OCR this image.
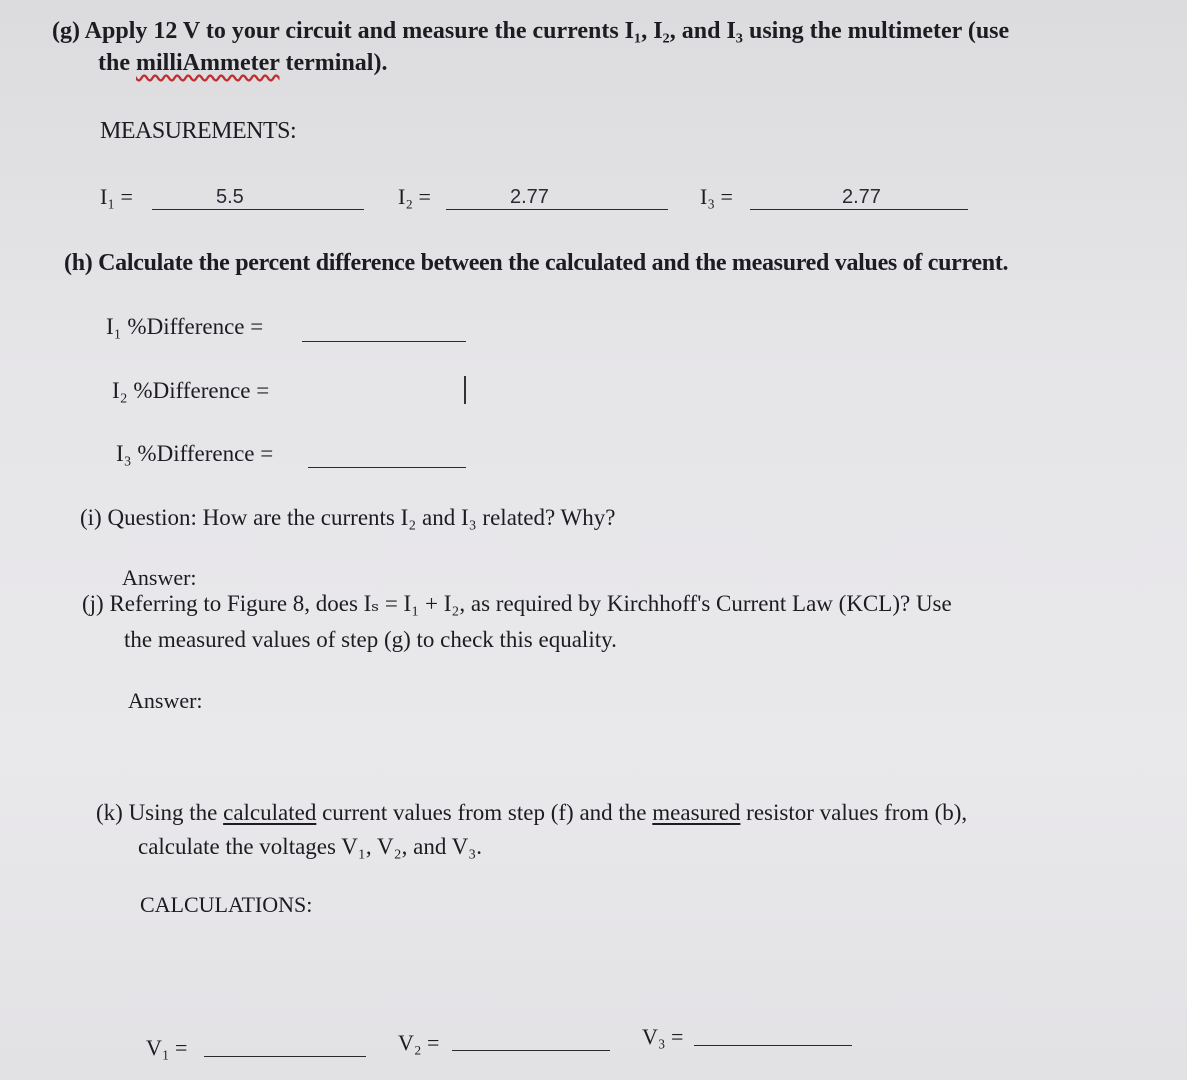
(g) Apply 12 V to your circuit and measure the currents I₁, I₂, and I₃ using the multimeter (use
the milliAmmeter terminal).
MEASUREMENTS:
I₁ =	5.5	I₂ =	2.77	I₃ =	2.77
(h) Calculate the percent difference between the calculated and the measured values of current.
I₁ %Difference =
I₂ %Difference =
I₃ %Difference =
(i) Question: How are the currents I₂ and I₃ related? Why?
Answer:
(j) Referring to Figure 8, does Iₛ = I₁ + I₂, as required by Kirchhoff's Current Law (KCL)? Use
the measured values of step (g) to check this equality.
Answer:
(k) Using the calculated current values from step (f) and the measured resistor values from (b),
calculate the voltages V₁, V₂, and V₃.
CALCULATIONS:
V₁ =	V₂ =	V₃ =
